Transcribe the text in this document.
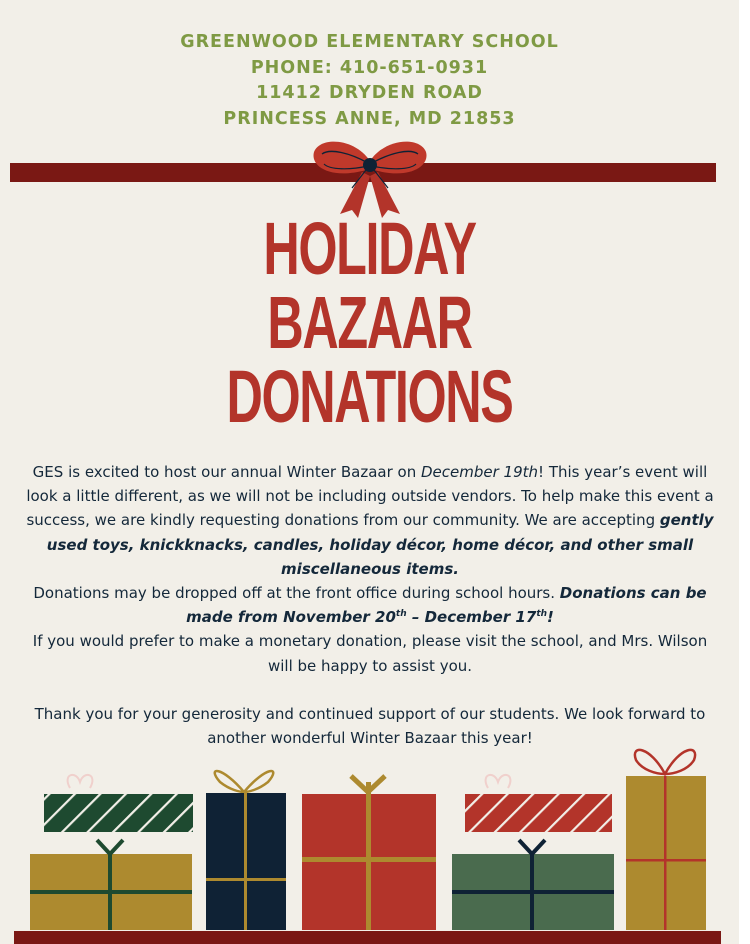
GREENWOOD ELEMENTARY SCHOOL
PHONE: 410-651-0931
11412 DRYDEN ROAD
PRINCESS ANNE, MD 21853
HOLIDAY
BAZAAR
DONATIONS

GES is excited to host our annual Winter Bazaar on December 19th! This year’s event will look a little different, as we will not be including outside vendors. To help make this event a success, we are kindly requesting donations from our community. We are accepting gently used toys, knickknacks, candles, holiday décor, home décor, and other small miscellaneous items.

Donations may be dropped off at the front office during school hours. Donations can be made from November 20th – December 17th!

If you would prefer to make a monetary donation, please visit the school, and Mrs. Wilson will be happy to assist you.

Thank you for your generosity and continued support of our students. We look forward to another wonderful Winter Bazaar this year!
